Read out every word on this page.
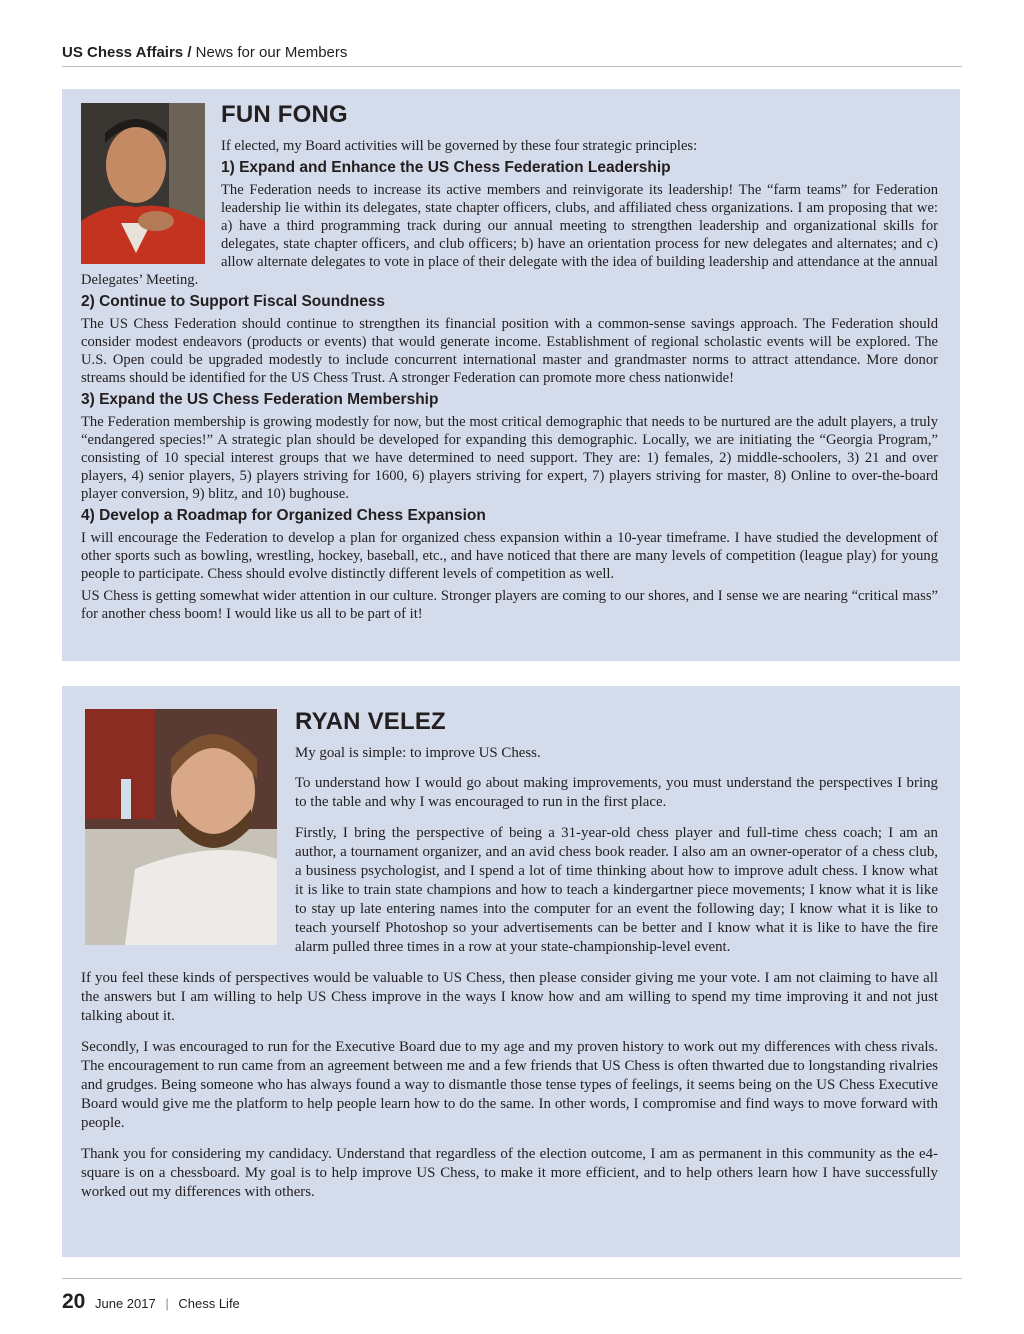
US Chess Affairs / News for our Members
FUN FONG

If elected, my Board activities will be governed by these four strategic principles:

1) Expand and Enhance the US Chess Federation Leadership

The Federation needs to increase its active members and reinvigorate its leadership! The “farm teams” for Federation leadership lie within its delegates, state chapter officers, clubs, and affiliated chess organizations. I am proposing that we: a) have a third programming track during our annual meeting to strengthen leadership and organizational skills for delegates, state chapter officers, and club officers; b) have an orientation process for new delegates and alternates; and c) allow alternate delegates to vote in place of their delegate with the idea of building leadership and attendance at the annual Delegates’ Meeting.

2) Continue to Support Fiscal Soundness

The US Chess Federation should continue to strengthen its financial position with a common-sense savings approach. The Federation should consider modest endeavors (products or events) that would generate income. Establishment of regional scholastic events will be explored. The U.S. Open could be upgraded modestly to include concurrent international master and grandmaster norms to attract attendance. More donor streams should be identified for the US Chess Trust. A stronger Federation can promote more chess nationwide!

3) Expand the US Chess Federation Membership

The Federation membership is growing modestly for now, but the most critical demographic that needs to be nurtured are the adult players, a truly “endangered species!” A strategic plan should be developed for expanding this demographic. Locally, we are initiating the “Georgia Program,” consisting of 10 special interest groups that we have determined to need support. They are: 1) females, 2) middle-schoolers, 3) 21 and over players, 4) senior players, 5) players striving for 1600, 6) players striving for expert, 7) players striving for master, 8) Online to over-the-board player conversion, 9) blitz, and 10) bughouse.

4) Develop a Roadmap for Organized Chess Expansion

I will encourage the Federation to develop a plan for organized chess expansion within a 10-year timeframe. I have studied the development of other sports such as bowling, wrestling, hockey, baseball, etc., and have noticed that there are many levels of competition (league play) for young people to participate. Chess should evolve distinctly different levels of competition as well.

US Chess is getting somewhat wider attention in our culture. Stronger players are coming to our shores, and I sense we are nearing “critical mass” for another chess boom! I would like us all to be part of it!

RYAN VELEZ

My goal is simple: to improve US Chess.

To understand how I would go about making improvements, you must understand the perspectives I bring to the table and why I was encouraged to run in the first place.

Firstly, I bring the perspective of being a 31-year-old chess player and full-time chess coach; I am an author, a tournament organizer, and an avid chess book reader. I also am an owner-operator of a chess club, a business psychologist, and I spend a lot of time thinking about how to improve adult chess. I know what it is like to train state champions and how to teach a kindergartner piece movements; I know what it is like to stay up late entering names into the computer for an event the following day; I know what it is like to teach yourself Photoshop so your advertisements can be better and I know what it is like to have the fire alarm pulled three times in a row at your state-championship-level event.

If you feel these kinds of perspectives would be valuable to US Chess, then please consider giving me your vote. I am not claiming to have all the answers but I am willing to help US Chess improve in the ways I know how and am willing to spend my time improving it and not just talking about it.

Secondly, I was encouraged to run for the Executive Board due to my age and my proven history to work out my differences with chess rivals. The encouragement to run came from an agreement between me and a few friends that US Chess is often thwarted due to longstanding rivalries and grudges. Being someone who has always found a way to dismantle those tense types of feelings, it seems being on the US Chess Executive Board would give me the platform to help people learn how to do the same. In other words, I compromise and find ways to move forward with people.

Thank you for considering my candidacy. Understand that regardless of the election outcome, I am as permanent in this community as the e4-square is on a chessboard. My goal is to help improve US Chess, to make it more efficient, and to help others learn how I have successfully worked out my differences with others.

20 June 2017 | Chess Life
